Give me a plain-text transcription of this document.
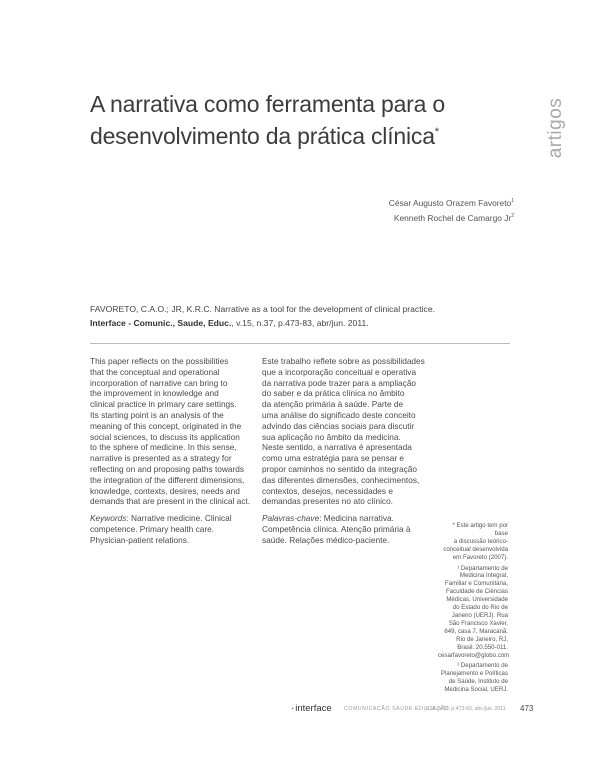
artigos
A narrativa como ferramenta para o
desenvolvimento da prática clínica*
César Augusto Orazem Favoreto$^1$
Kenneth Rochel de Camargo Jr$^2$
FAVORETO, C.A.O.; JR, K.R.C. Narrative as a tool for the development of clinical practice.
Interface - Comunic., Saude, Educ., v.15, n.37, p.473-83, abr/jun. 2011.

This paper reflects on the possibilities

that the conceptual and operational

incorporation of narrative can bring to

the improvement in knowledge and

clinical practice in primary care settings.

Its starting point is an analysis of the

meaning of this concept, originated in the

social sciences, to discuss its application

to the sphere of medicine. In this sense,

narrative is presented as a strategy for

reflecting on and proposing paths towards

the integration of the different dimensions,

knowledge, contexts, desires, needs and

demands that are present in the clinical act.

Keywords: Narrative medicine. Clinical

competence. Primary health care.

Physician-patient relations.

Este trabalho reflete sobre as possibilidades

que a incorporação conceitual e operativa

da narrativa pode trazer para a ampliação

do saber e da prática clínica no âmbito

da atenção primária à saúde. Parte de

uma análise do significado deste conceito

advindo das ciências sociais para discutir

sua aplicação no âmbito da medicina.

Neste sentido, a narrativa é apresentada

como uma estratégia para se pensar e

propor caminhos no sentido da integração

das diferentes dimensões, conhecimentos,

contextos, desejos, necessidades e

demandas presentes no ato clínico.

Palavras-chave: Medicina narrativa.

Competência clínica. Atenção primária à

saúde. Relações médico-paciente.

* Este artigo tem por base

a discussão teórico-

conceitual desenvolvida

em Favoreto (2007).

¹ Departamento de

Medicina Integral,

Familiar e Comunitária,

Faculdade de Ciências

Médicas, Universidade

do Estado do Rio de

Janeiro (UERJ). Rua

São Francisco Xavier,

649, casa 7, Maracanã.

Rio de Janeiro, RJ,

Brasil. 20.550-011.

cesarfavoreto@globo.com

² Departamento de

Planejamento e Políticas

de Saúde, Instituto de

Medicina Social, UERJ.

◔interface COMUNICAÇÃO SAÚDE EDUCAÇÃO
v.15, n.37, p.473-83, abr./jun. 2011 473
